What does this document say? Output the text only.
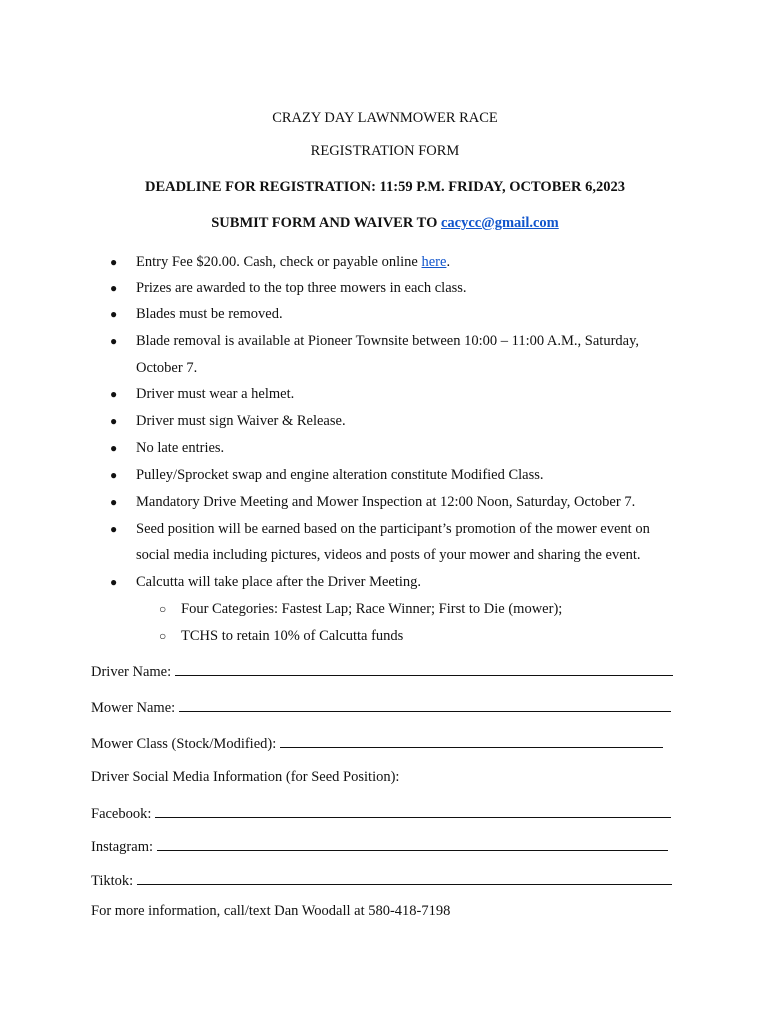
CRAZY DAY LAWNMOWER RACE
REGISTRATION FORM
DEADLINE FOR REGISTRATION: 11:59 P.M. FRIDAY, OCTOBER 6,2023
SUBMIT FORM AND WAIVER TO cacycc@gmail.com
● Entry Fee $20.00. Cash, check or payable online here.
● Prizes are awarded to the top three mowers in each class.
● Blades must be removed.
● Blade removal is available at Pioneer Townsite between 10:00 – 11:00 A.M., Saturday,
October 7.
● Driver must wear a helmet.
● Driver must sign Waiver & Release.
● No late entries.
● Pulley/Sprocket swap and engine alteration constitute Modified Class.
● Mandatory Drive Meeting and Mower Inspection at 12:00 Noon, Saturday, October 7.
● Seed position will be earned based on the participant’s promotion of the mower event on
social media including pictures, videos and posts of your mower and sharing the event.
● Calcutta will take place after the Driver Meeting.
○ Four Categories: Fastest Lap; Race Winner; First to Die (mower);
○ TCHS to retain 10% of Calcutta funds
Driver Name:
Mower Name:
Mower Class (Stock/Modified):
Driver Social Media Information (for Seed Position):
Facebook:
Instagram:
Tiktok:
For more information, call/text Dan Woodall at 580-418-7198
